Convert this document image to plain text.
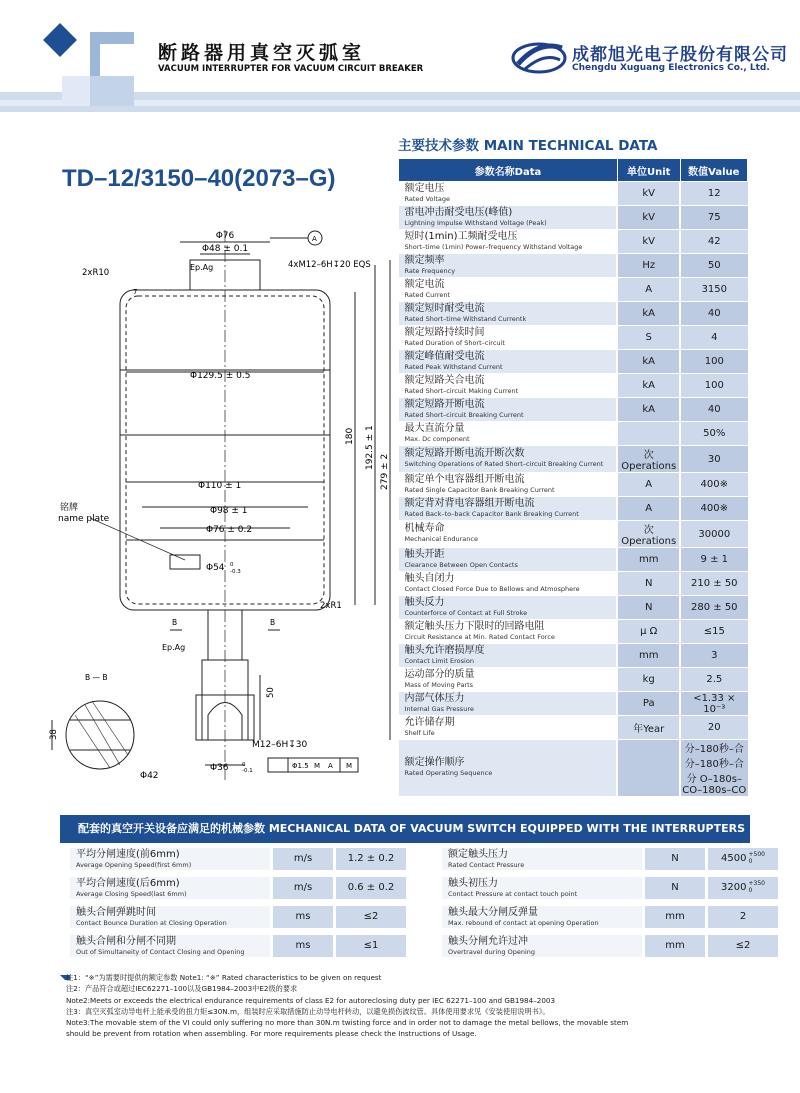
断路器用真空灭弧室
VACUUM INTERRUPTER FOR VACUUM CIRCUIT BREAKER
成都旭光电子股份有限公司
Chengdu Xuguang Electronics Co., Ltd.
TD–12/3150–40(2073–G)
Φ76
Φ48 ± 0.1
Ep.Ag	4xM12–6H↧20 EQS
2xR10
7
Φ129.5 ± 0.5
Φ110 ± 1
Φ98 ± 1
Φ76 ± 0.2
Φ54 0
-0.3
铭牌
name plate
2xR1
B	B
Ep.Ag
B — B
50
38
Φ42
M12–6H↧30
Φ36 0
-0.1
Φ1.5 M A M
A
180 192.5 ± 1
279 ± 2
主要技术参数 MAIN TECHNICAL DATA
参数名称Data	单位Unit	数值Value

额定电压
Rated Voltage	kV	12

雷电冲击耐受电压(峰值)
Lightning Impulse Withstand Voltage (Peak)	kV	75

短时(1min)工频耐受电压
Short–time (1min) Power–frequency Withstand Voltage	kV	42

额定频率
Rate Frequency	Hz	50

额定电流
Rated Current	A	3150

额定短时耐受电流
Rated Short–time Withstand Currentk	kA	40

额定短路持续时间
Rated Duration of Short–circuit	S	4

额定峰值耐受电流
Rated Peak Withstand Current	kA	100

额定短路关合电流
Rated Short–circuit Making Current	kA	100

额定短路开断电流
Rated Short–circuit Breaking Current	kA	40

最大直流分量
Max. Dc component		50%

额定短路开断电流开断次数
Switching Operations of Rated Short–circuit Breaking Current	次 Operations	30

额定单个电容器组开断电流
Rated Single Capacitor Bank Breaking Current	A	400※

额定背对背电容器组开断电流
Rated Back–to–back Capacitor Bank Breaking Current	A	400※

机械寿命
Mechanical Endurance	次 Operations	30000

触头开距
Clearance Between Open Contacts	mm	9 ± 1

触头自闭力
Contact Closed Force Due to Bellows and Atmosphere	N	210 ± 50

触头反力
Counterforce of Contact at Full Stroke	N	280 ± 50

额定触头压力下限时的回路电阻
Circuit Resistance at Min. Rated Contact Force	μ Ω	≤15

触头允许磨损厚度
Contact Limit Erosion	mm	3

运动部分的质量
Mass of Moving Parts	kg	2.5

内部气体压力
Internal Gas Pressure	Pa	<1.33 × 10⁻³

允许储存期
Shelf Life	年Year	20

额定操作顺序
Rated Operating Sequence		分–180秒–合分–180秒–合分 O–180s–CO–180s–CO
配套的真空开关设备应满足的机械参数 MECHANICAL DATA OF VACUUM SWITCH EQUIPPED WITH THE INTERRUPTERS
平均分闸速度(前6mm)
Average Opening Speed(first 6mm)
m/s	1.2 ± 0.2
平均合闸速度(后6mm)
Average Closing Speed(last 6mm)
m/s	0.6 ± 0.2
触头合闸弹跳时间
Contact Bounce Duration at Closing Operation
ms	≤2
触头合闸和分闸不同期
Out of Simultaneity of Contact Closing and Opening
ms	≤1
额定触头压力
Rated Contact Pressure
N	4500 +500
0
触头初压力
Contact Pressure at contact touch point
N	3200 +350
0
触头最大分闸反弹量
Max. rebound of contact at opening Operation
mm	2
触头分闸允许过冲
Overtravel during Opening
mm	≤2
注1：“※”为需要时提供的额定参数 Note1: “※” Rated characteristics to be given on request
注2：产品符合或超过IEC62271–100以及GB1984–2003中E2级的要求
Note2:Meets or exceeds the electrical endurance requirements of class E2 for autoreclosing duty per IEC 62271–100 and GB1984–2003
注3：真空灭弧室动导电杆上能承受的扭力矩≤30N.m，组装时应采取措施防止动导电杆转动，以避免损伤波纹管。具体使用要求见《安装使用说明书》。
Note3:The movable stem of the VI could only suffering no more than 30N.m twisting force and in order not to damage the metal bellows, the movable stem
should be prevent from rotation when assembling. For more requirements please check the Instructions of Usage.
